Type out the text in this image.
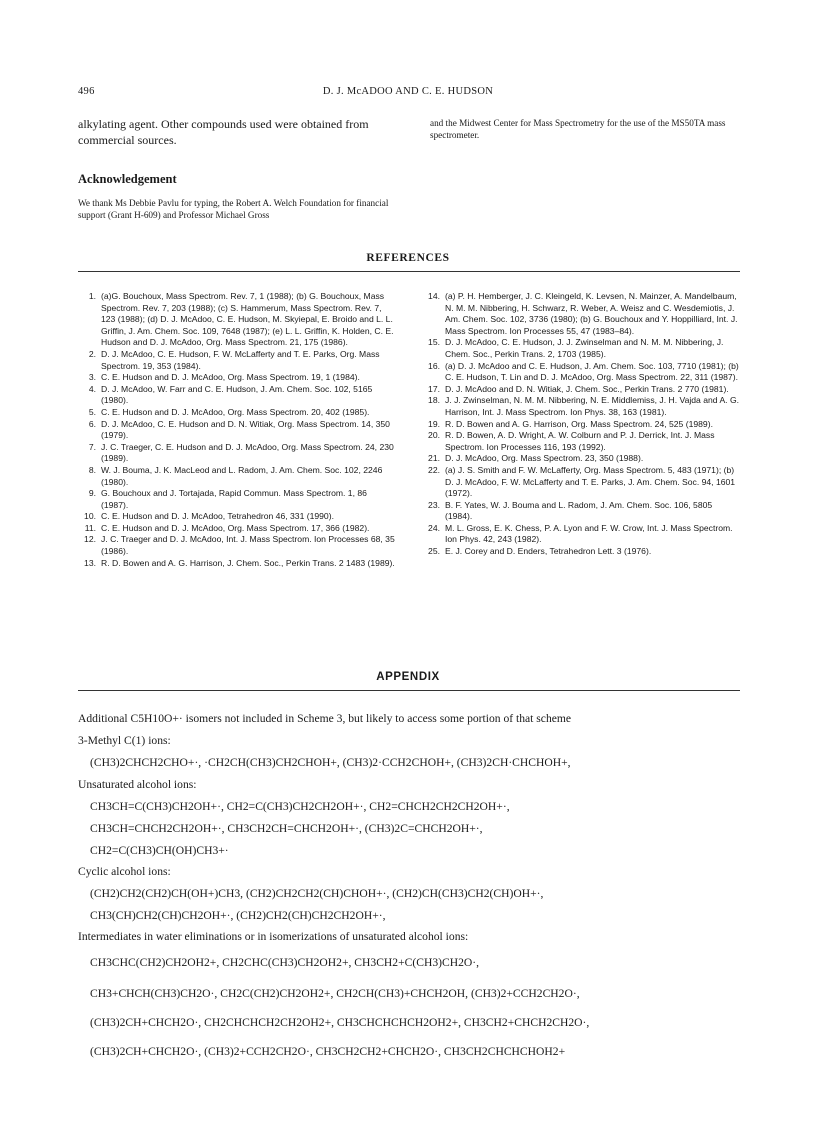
496	D. J. McADOO AND C. E. HUDSON
alkylating agent. Other compounds used were obtained from commercial sources.
and the Midwest Center for Mass Spectrometry for the use of the MS50TA mass spectrometer.
Acknowledgement
We thank Ms Debbie Pavlu for typing, the Robert A. Welch Foundation for financial support (Grant H-609) and Professor Michael Gross
REFERENCES
1. (a)G. Bouchoux, Mass Spectrom. Rev. 7, 1 (1988); (b) G. Bouchoux, Mass Spectrom. Rev. 7, 203 (1988); (c) S. Hammerum, Mass Spectrom. Rev. 7, 123 (1988); (d) D. J. McAdoo, C. E. Hudson, M. Skyiepal, E. Broido and L. L. Griffin, J. Am. Chem. Soc. 109, 7648 (1987); (e) L. L. Griffin, K. Holden, C. E. Hudson and D. J. McAdoo, Org. Mass Spectrom. 21, 175 (1986).
2. D. J. McAdoo, C. E. Hudson, F. W. McLafferty and T. E. Parks, Org. Mass Spectrom. 19, 353 (1984).
3. C. E. Hudson and D. J. McAdoo, Org. Mass Spectrom. 19, 1 (1984).
4. D. J. McAdoo, W. Farr and C. E. Hudson, J. Am. Chem. Soc. 102, 5165 (1980).
5. C. E. Hudson and D. J. McAdoo, Org. Mass Spectrom. 20, 402 (1985).
6. D. J. McAdoo, C. E. Hudson and D. N. Witiak, Org. Mass Spectrom. 14, 350 (1979).
7. J. C. Traeger, C. E. Hudson and D. J. McAdoo, Org. Mass Spectrom. 24, 230 (1989).
8. W. J. Bouma, J. K. MacLeod and L. Radom, J. Am. Chem. Soc. 102, 2246 (1980).
9. G. Bouchoux and J. Tortajada, Rapid Commun. Mass Spectrom. 1, 86 (1987).
10. C. E. Hudson and D. J. McAdoo, Tetrahedron 46, 331 (1990).
11. C. E. Hudson and D. J. McAdoo, Org. Mass Spectrom. 17, 366 (1982).
12. J. C. Traeger and D. J. McAdoo, Int. J. Mass Spectrom. Ion Processes 68, 35 (1986).
13. R. D. Bowen and A. G. Harrison, J. Chem. Soc., Perkin Trans. 2 1483 (1989).
14. (a) P. H. Hemberger, J. C. Kleingeld, K. Levsen, N. Mainzer, A. Mandelbaum, N. M. M. Nibbering, H. Schwarz, R. Weber, A. Weisz and C. Wesdemiotis, J. Am. Chem. Soc. 102, 3736 (1980); (b) G. Bouchoux and Y. Hoppilliard, Int. J. Mass Spectrom. Ion Processes 55, 47 (1983–84).
15. D. J. McAdoo, C. E. Hudson, J. J. Zwinselman and N. M. M. Nibbering, J. Chem. Soc., Perkin Trans. 2, 1703 (1985).
16. (a) D. J. McAdoo and C. E. Hudson, J. Am. Chem. Soc. 103, 7710 (1981); (b) C. E. Hudson, T. Lin and D. J. McAdoo, Org. Mass Spectrom. 22, 311 (1987).
17. D. J. McAdoo and D. N. Witiak, J. Chem. Soc., Perkin Trans. 2 770 (1981).
18. J. J. Zwinselman, N. M. M. Nibbering, N. E. Middlemiss, J. H. Vajda and A. G. Harrison, Int. J. Mass Spectrom. Ion Phys. 38, 163 (1981).
19. R. D. Bowen and A. G. Harrison, Org. Mass Spectrom. 24, 525 (1989).
20. R. D. Bowen, A. D. Wright, A. W. Colburn and P. J. Derrick, Int. J. Mass Spectrom. Ion Processes 116, 193 (1992).
21. D. J. McAdoo, Org. Mass Spectrom. 23, 350 (1988).
22. (a) J. S. Smith and F. W. McLafferty, Org. Mass Spectrom. 5, 483 (1971); (b) D. J. McAdoo, F. W. McLafferty and T. E. Parks, J. Am. Chem. Soc. 94, 1601 (1972).
23. B. F. Yates, W. J. Bouma and L. Radom, J. Am. Chem. Soc. 106, 5805 (1984).
24. M. L. Gross, E. K. Chess, P. A. Lyon and F. W. Crow, Int. J. Mass Spectrom. Ion Phys. 42, 243 (1982).
25. E. J. Corey and D. Enders, Tetrahedron Lett. 3 (1976).
APPENDIX
Additional C5H10O+· isomers not included in Scheme 3, but likely to access some portion of that scheme
3-Methyl C(1) ions:
(CH3)2CHCH2CHO+·, ·CH2CH(CH3)CH2CHOH+, (CH3)2·CCH2CHOH+, (CH3)2CH·CHCHOH+,
Unsaturated alcohol ions:
CH3CH=C(CH3)CH2OH+·, CH2=C(CH3)CH2CH2OH+·, CH2=CHCH2CH2CH2OH+·,
CH3CH=CHCH2CH2OH+·, CH3CH2CH=CHCH2OH+·, (CH3)2C=CHCH2OH+·,
CH2=C(CH3)CH(OH)CH3+·
Cyclic alcohol ions:
(CH2)CH2(CH2)CH(OH+)CH3, (CH2)CH2CH2(CH)CHOH+·, (CH2)CH(CH3)CH2(CH)OH+·,
CH3(CH)CH2(CH)CH2OH+·, (CH2)CH2(CH)CH2CH2OH+·,
Intermediates in water eliminations or in isomerizations of unsaturated alcohol ions:
CH3CHC(CH2)CH2OH2+, CH2CHC(CH3)CH2OH2+, CH3CH2+C(CH3)CH2O·,
CH3+CHCH(CH3)CH2O·, CH2C(CH2)CH2OH2+, CH2CH(CH3)+CHCH2OH, (CH3)2+CCH2CH2O·,
(CH3)2CH+CHCH2O·, CH2CHCHCH2CH2OH2+, CH3CHCHCHCH2OH2+, CH3CH2+CHCH2CH2O·,
(CH3)2CH+CHCH2O·, (CH3)2+CCH2CH2O·, CH3CH2CH2+CHCH2O·, CH3CH2CHCHCHOH2+
